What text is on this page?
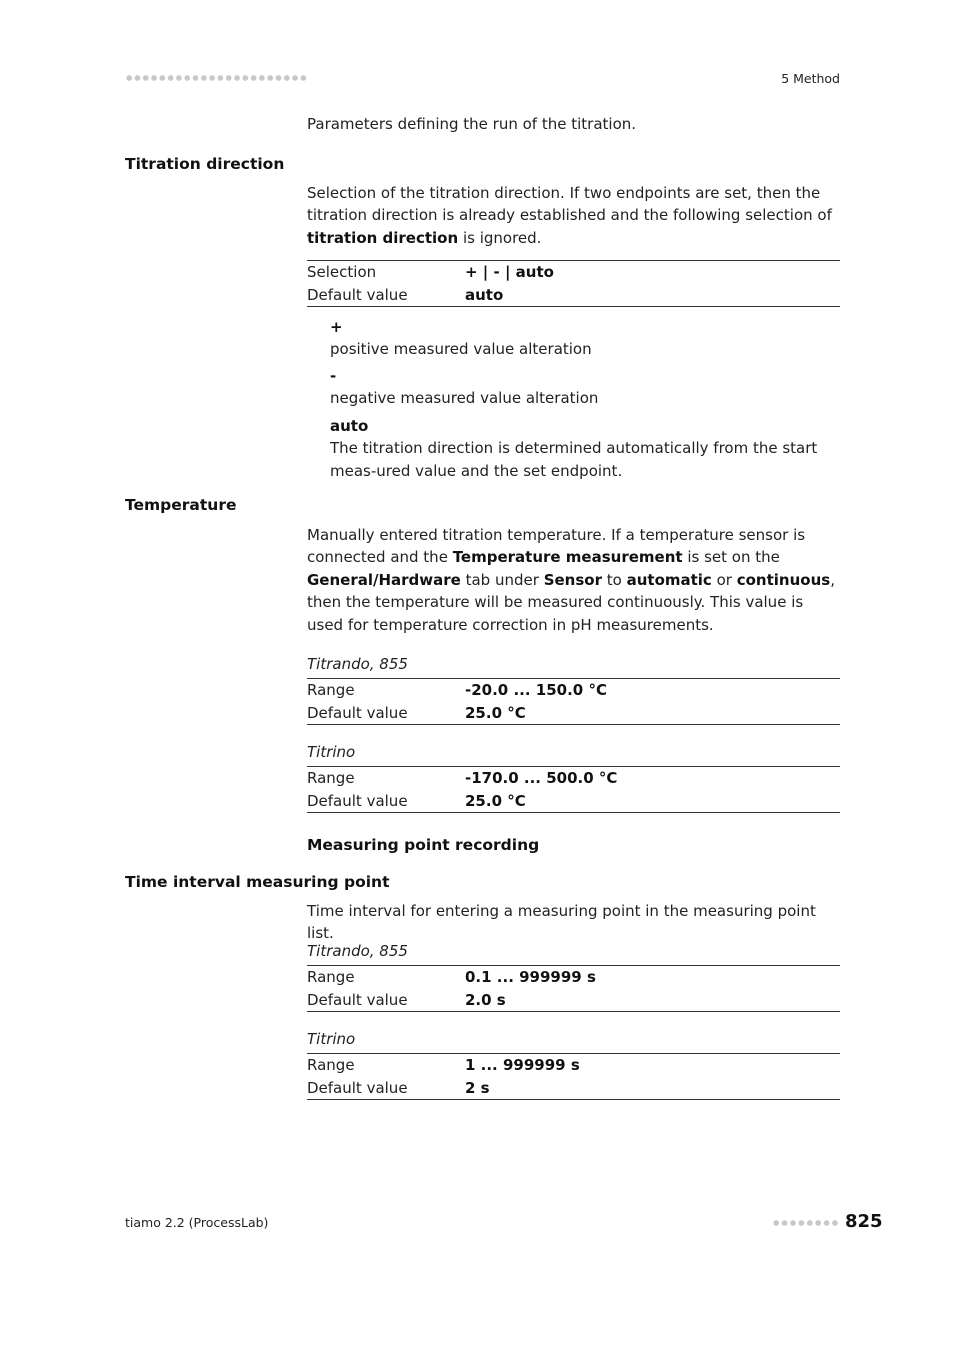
5 Method
Parameters defining the run of the titration.
Titration direction
Selection of the titration direction. If two endpoints are set, then the titration direction is already established and the following selection of titration direction is ignored.
Selection	+ | - | auto
Default value	auto
+
positive measured value alteration
-
negative measured value alteration
auto
The titration direction is determined automatically from the start meas-ured value and the set endpoint.
Temperature
Manually entered titration temperature. If a temperature sensor is connected and the Temperature measurement is set on the General/Hardware tab under Sensor to automatic or continuous, then the temperature will be measured continuously. This value is used for temperature correction in pH measurements.
Titrando, 855
Range	-20.0 ... 150.0 °C
Default value	25.0 °C
Titrino
Range	-170.0 ... 500.0 °C
Default value	25.0 °C
Measuring point recording
Time interval measuring point
Time interval for entering a measuring point in the measuring point list.
Titrando, 855
Range	0.1 ... 999999 s
Default value	2.0 s
Titrino
Range	1 ... 999999 s
Default value	2 s
tiamo 2.2 (ProcessLab)	825
